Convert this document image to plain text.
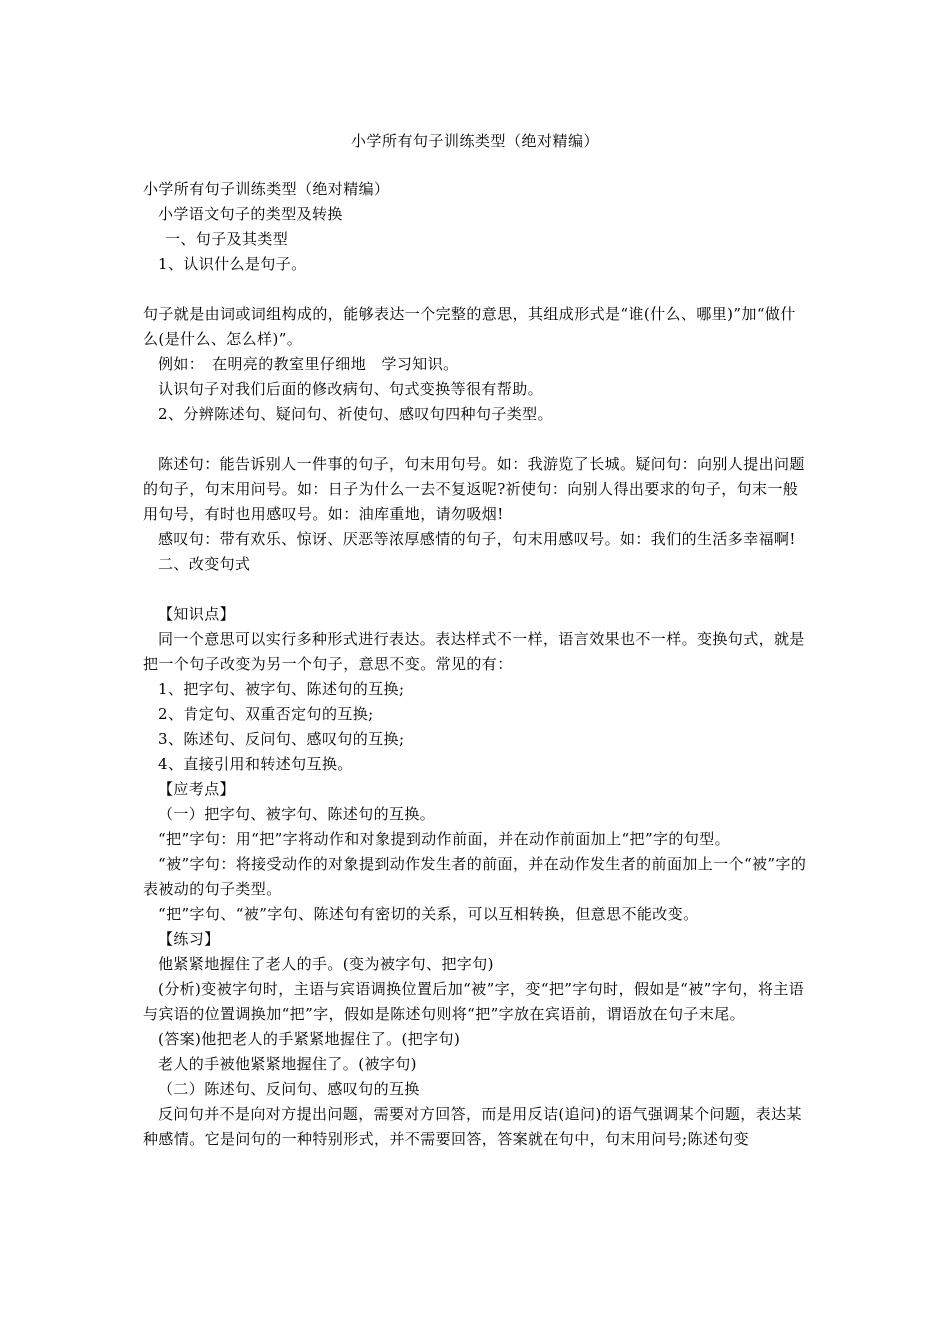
小学所有句子训练类型（绝对精编）

小学所有句子训练类型（绝对精编）

小学语文句子的类型及转换

一、句子及其类型

1、认识什么是句子。

句子就是由词或词组构成的，能够表达一个完整的意思，其组成形式是“谁(什么、哪里)”加“做什么(是什么、怎么样)”。

例如：　在明亮的教室里仔细地　学习知识。

认识句子对我们后面的修改病句、句式变换等很有帮助。

2、分辨陈述句、疑问句、祈使句、感叹句四种句子类型。

陈述句：能告诉别人一件事的句子，句末用句号。如：我游览了长城。疑问句：向别人提出问题的句子，句末用问号。如：日子为什么一去不复返呢?祈使句：向别人得出要求的句子，句末一般用句号，有时也用感叹号。如：油库重地，请勿吸烟!

感叹句：带有欢乐、惊讶、厌恶等浓厚感情的句子，句末用感叹号。如：我们的生活多幸福啊!

二、改变句式

【知识点】

同一个意思可以实行多种形式进行表达。表达样式不一样，语言效果也不一样。变换句式，就是把一个句子改变为另一个句子，意思不变。常见的有：

1、把字句、被字句、陈述句的互换;

2、肯定句、双重否定句的互换;

3、陈述句、反问句、感叹句的互换;

4、直接引用和转述句互换。

【应考点】

（一）把字句、被字句、陈述句的互换。

“把”字句：用“把”字将动作和对象提到动作前面，并在动作前面加上“把”字的句型。

“被”字句：将接受动作的对象提到动作发生者的前面，并在动作发生者的前面加上一个“被”字的表被动的句子类型。

“把”字句、“被”字句、陈述句有密切的关系，可以互相转换，但意思不能改变。

【练习】

他紧紧地握住了老人的手。(变为被字句、把字句)

(分析)变被字句时，主语与宾语调换位置后加“被”字，变“把”字句时，假如是“被”字句，将主语与宾语的位置调换加“把”字，假如是陈述句则将“把”字放在宾语前，谓语放在句子末尾。

(答案)他把老人的手紧紧地握住了。(把字句)

老人的手被他紧紧地握住了。(被字句)

（二）陈述句、反问句、感叹句的互换

反问句并不是向对方提出问题，需要对方回答，而是用反诘(追问)的语气强调某个问题，表达某种感情。它是问句的一种特别形式，并不需要回答，答案就在句中，句末用问号;陈述句变
